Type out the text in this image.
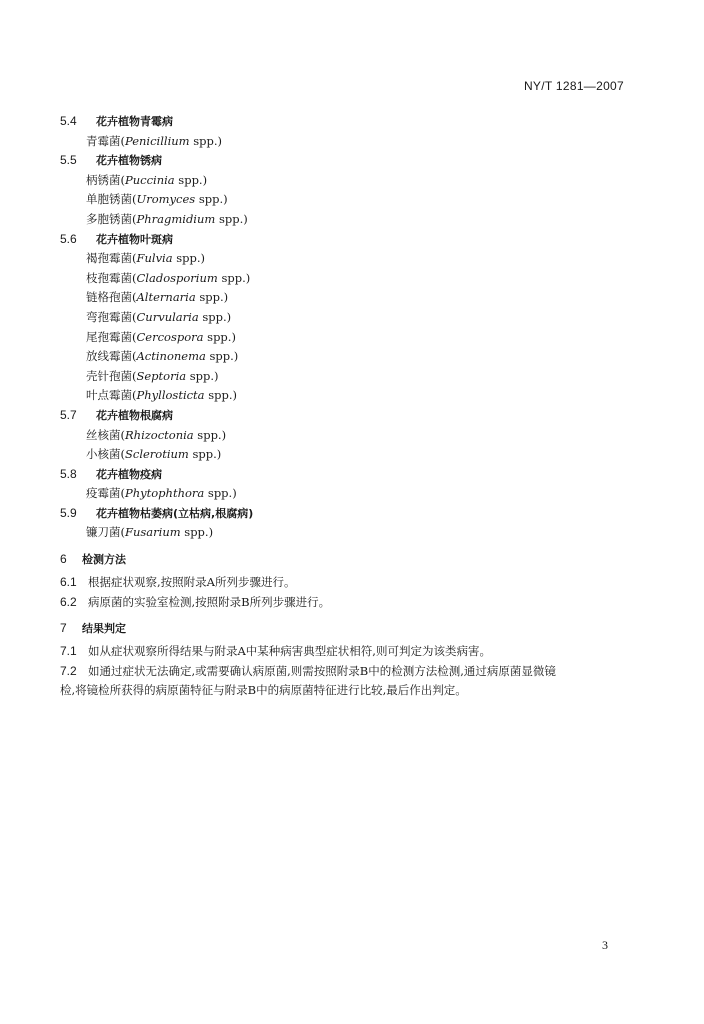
NY/T 1281—2007
5.4 花卉植物青霉病
青霉菌(Penicillium spp.)
5.5 花卉植物锈病
柄锈菌(Puccinia spp.)
单胞锈菌(Uromyces spp.)
多胞锈菌(Phragmidium spp.)
5.6 花卉植物叶斑病
褐孢霉菌(Fulvia spp.)
枝孢霉菌(Cladosporium spp.)
链格孢菌(Alternaria spp.)
弯孢霉菌(Curvularia spp.)
尾孢霉菌(Cercospora spp.)
放线霉菌(Actinonema spp.)
壳针孢菌(Septoria spp.)
叶点霉菌(Phyllosticta spp.)
5.7 花卉植物根腐病
丝核菌(Rhizoctonia spp.)
小核菌(Sclerotium spp.)
5.8 花卉植物疫病
疫霉菌(Phytophthora spp.)
5.9 花卉植物枯萎病(立枯病,根腐病)
镰刀菌(Fusarium spp.)
6 检测方法
6.1 根据症状观察,按照附录A所列步骤进行。
6.2 病原菌的实验室检测,按照附录B所列步骤进行。
7 结果判定
7.1 如从症状观察所得结果与附录A中某种病害典型症状相符,则可判定为该类病害。
7.2 如通过症状无法确定,或需要确认病原菌,则需按照附录B中的检测方法检测,通过病原菌显微镜
检,将镜检所获得的病原菌特征与附录B中的病原菌特征进行比较,最后作出判定。
3
